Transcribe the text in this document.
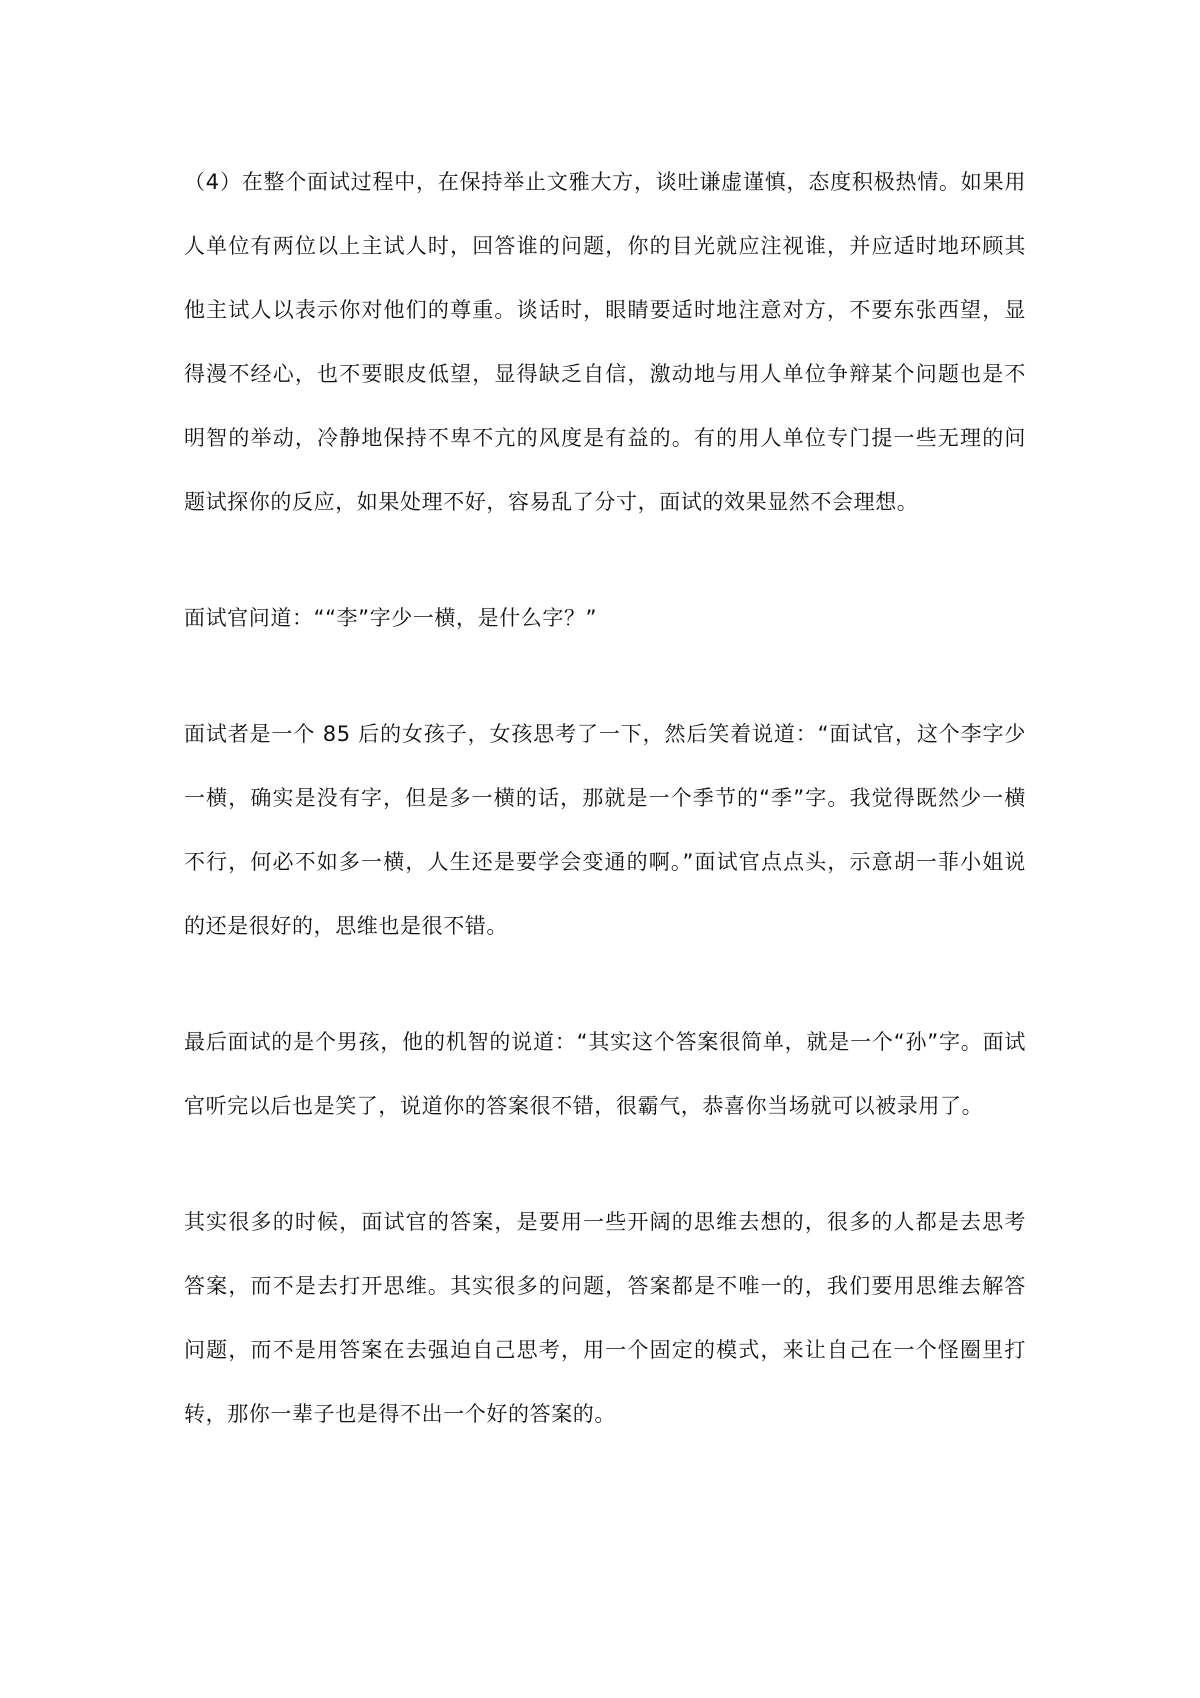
（4）在整个面试过程中，在保持举止文雅大方，谈吐谦虚谨慎，态度积极热情。如果用人单位有两位以上主试人时，回答谁的问题，你的目光就应注视谁，并应适时地环顾其他主试人以表示你对他们的尊重。谈话时，眼睛要适时地注意对方，不要东张西望，显得漫不经心，也不要眼皮低望，显得缺乏自信，激动地与用人单位争辩某个问题也是不明智的举动，冷静地保持不卑不亢的风度是有益的。有的用人单位专门提一些无理的问题试探你的反应，如果处理不好，容易乱了分寸，面试的效果显然不会理想。

面试官问道：““李”字少一横，是什么字？”

面试者是一个 85 后的女孩子，女孩思考了一下，然后笑着说道：“面试官，这个李字少一横，确实是没有字，但是多一横的话，那就是一个季节的“季”字。我觉得既然少一横不行，何必不如多一横，人生还是要学会变通的啊。”面试官点点头，示意胡一菲小姐说的还是很好的，思维也是很不错。

最后面试的是个男孩，他的机智的说道：“其实这个答案很简单，就是一个“孙”字。面试官听完以后也是笑了，说道你的答案很不错，很霸气，恭喜你当场就可以被录用了。

其实很多的时候，面试官的答案，是要用一些开阔的思维去想的，很多的人都是去思考答案，而不是去打开思维。其实很多的问题，答案都是不唯一的，我们要用思维去解答问题，而不是用答案在去强迫自己思考，用一个固定的模式，来让自己在一个怪圈里打转，那你一辈子也是得不出一个好的答案的。
